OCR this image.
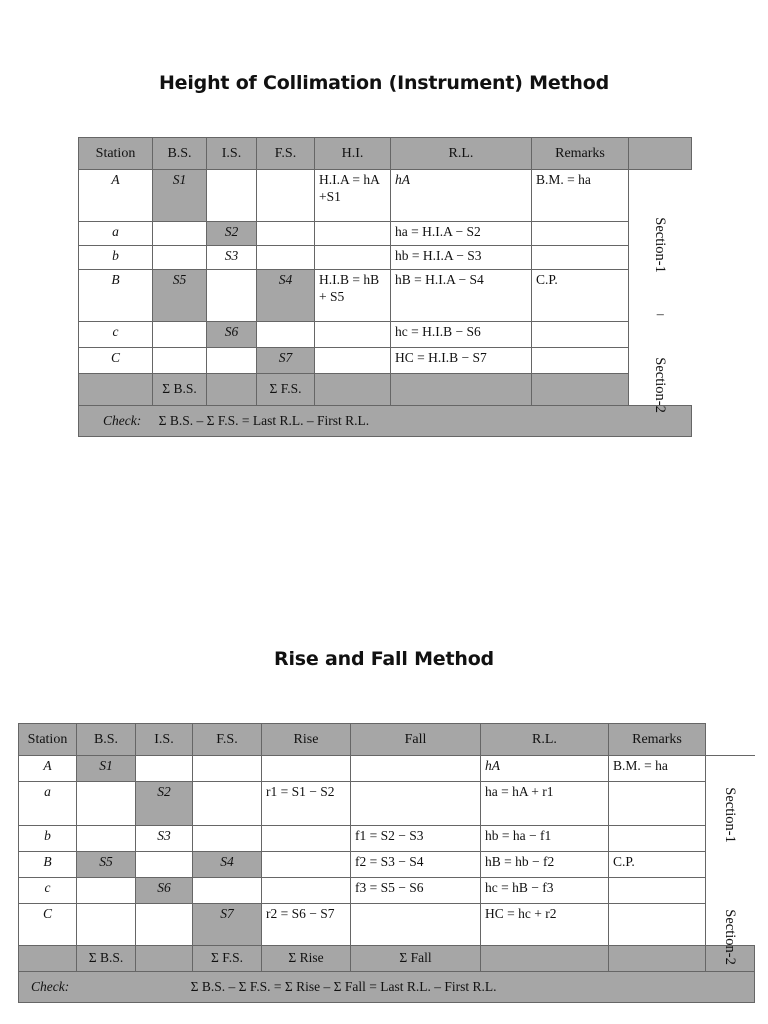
Height of Collimation (Instrument) Method
Station	B.S.	I.S.	F.S.	H.I.	R.L.	Remarks	
A	S1			H.I.A = hA +S1	hA	B.M. = ha	Section-1
–
Section-2

a		S2			ha = H.I.A − S2		
b		S3			hb = H.I.A − S3		
B	S5		S4	H.I.B = hB + S5	hB = H.I.A − S4	C.P.	
c		S6			hc = H.I.B − S6		
C			S7		HC = H.I.B − S7		
	Σ B.S.		Σ F.S.				
Check: Σ B.S. – Σ F.S. = Last R.L. – First R.L.							
Rise and Fall Method
Station	B.S.	I.S.	F.S.	Rise	Fall	R.L.	Remarks	
A	S1					hA	B.M. = ha	Section-1
Section-2

a		S2		r1 = S1 − S2		ha = hA + r1		
b		S3			f1 = S2 − S3	hb = ha − f1		
B	S5		S4		f2 = S3 − S4	hB = hb − f2	C.P.	
c		S6			f3 = S5 − S6	hc = hB − f3		
C			S7	r2 = S6 − S7		HC = hc + r2		
	Σ B.S.		Σ F.S.	Σ Rise	Σ Fall			
Check: Σ B.S. – Σ F.S. = Σ Rise – Σ Fall = Last R.L. – First R.L.								
